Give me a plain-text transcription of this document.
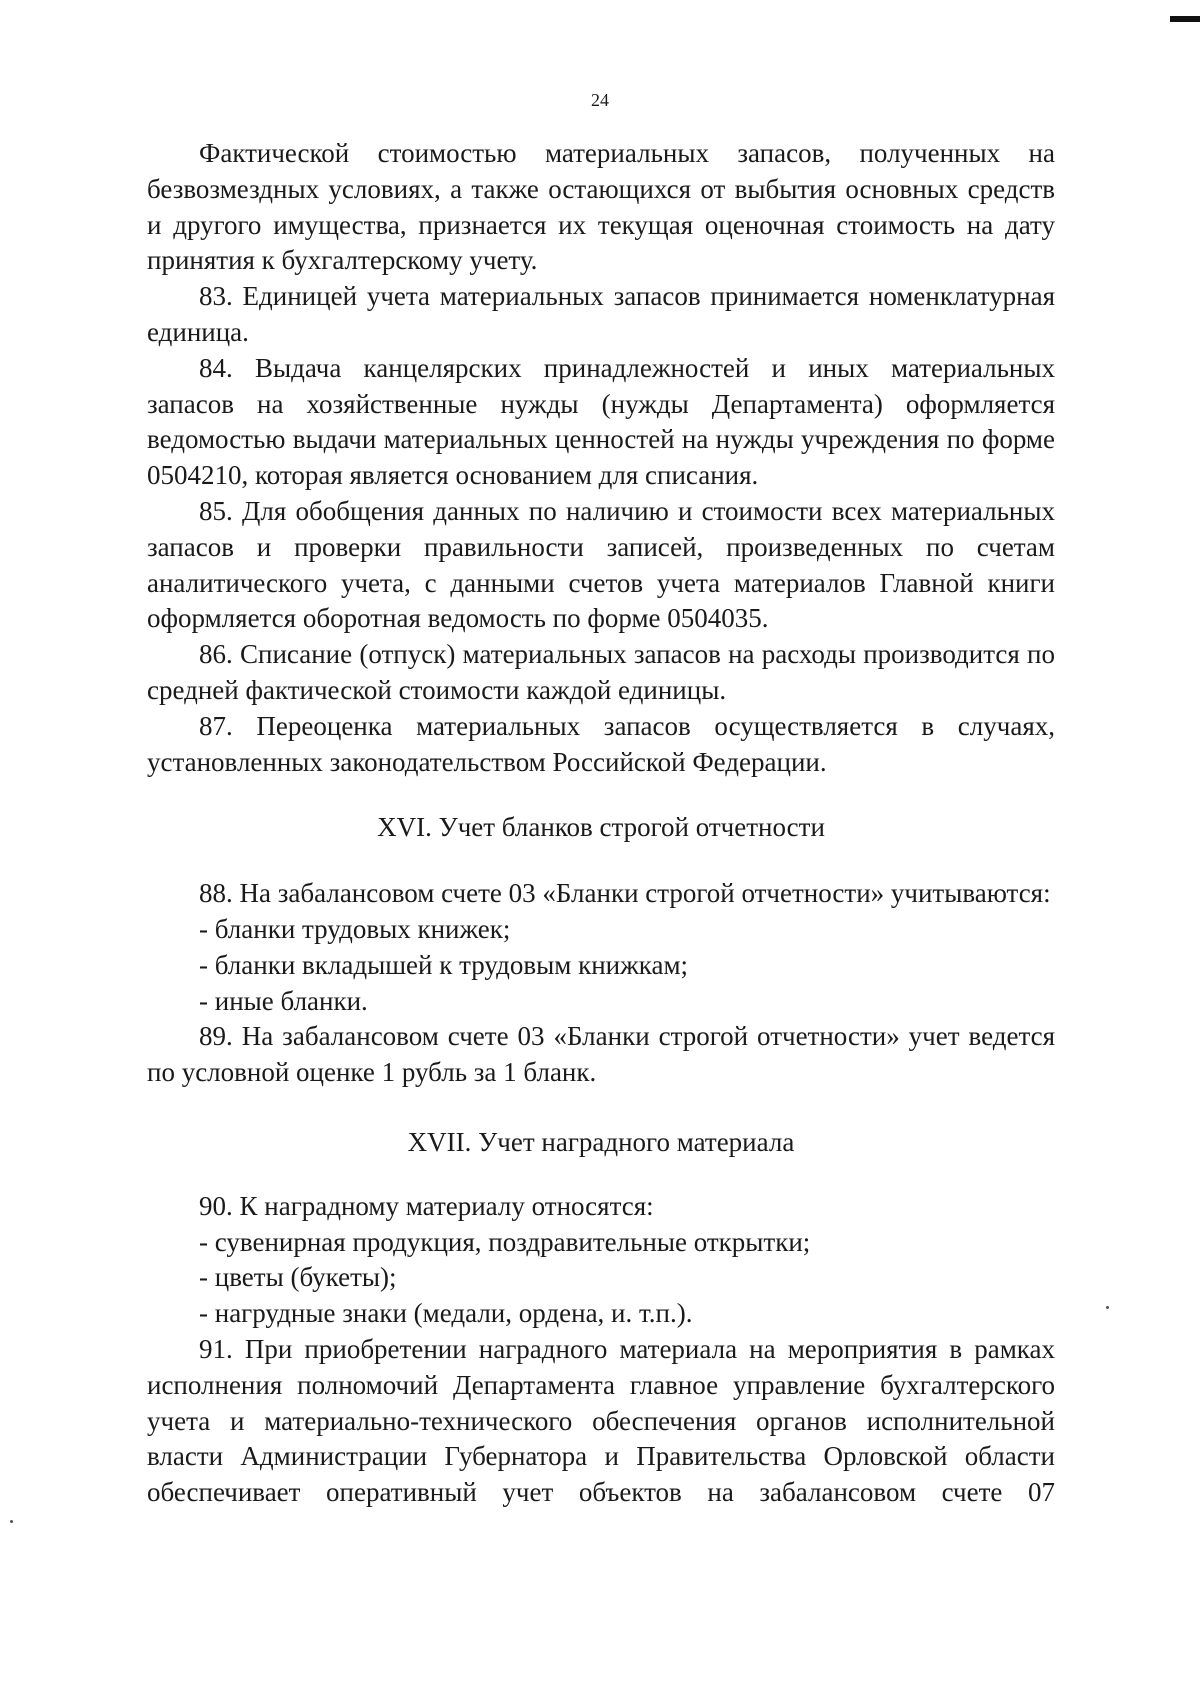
24

Фактической стоимостью материальных запасов, полученных на безвозмездных условиях, а также остающихся от выбытия основных средств и другого имущества, признается их текущая оценочная стоимость на дату принятия к бухгалтерскому учету.

83. Единицей учета материальных запасов принимается номенклатурная единица.

84. Выдача канцелярских принадлежностей и иных материальных запасов на хозяйственные нужды (нужды Департамента) оформляется ведомостью выдачи материальных ценностей на нужды учреждения по форме 0504210, которая является основанием для списания.

85. Для обобщения данных по наличию и стоимости всех материальных запасов и проверки правильности записей, произведенных по счетам аналитического учета, с данными счетов учета материалов Главной книги оформляется оборотная ведомость по форме 0504035.

86. Списание (отпуск) материальных запасов на расходы производится по средней фактической стоимости каждой единицы.

87. Переоценка материальных запасов осуществляется в случаях, установленных законодательством Российской Федерации.

XVI. Учет бланков строгой отчетности

88. На забалансовом счете 03 «Бланки строгой отчетности» учитываются:

- бланки трудовых книжек;

- бланки вкладышей к трудовым книжкам;

- иные бланки.

89. На забалансовом счете 03 «Бланки строгой отчетности» учет ведется по условной оценке 1 рубль за 1 бланк.

XVII. Учет наградного материала

90. К наградному материалу относятся:

- сувенирная продукция, поздравительные открытки;

- цветы (букеты);

- нагрудные знаки (медали, ордена, и. т.п.).

91. При приобретении наградного материала на мероприятия в рамках исполнения полномочий Департамента главное управление бухгалтерского учета и материально-технического обеспечения органов исполнительной власти Администрации Губернатора и Правительства Орловской области обеспечивает оперативный учет объектов на забалансовом счете 07
